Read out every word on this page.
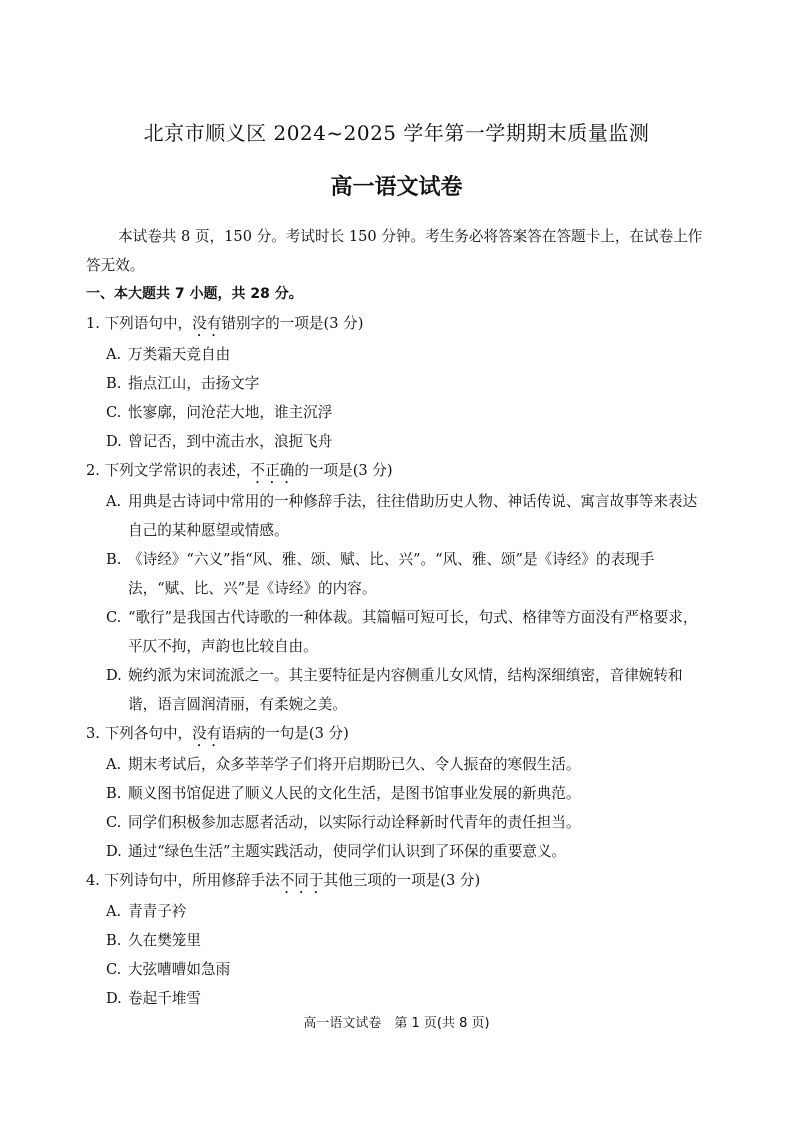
北京市顺义区 2024~2025 学年第一学期期末质量监测
高一语文试卷

本试卷共 8 页，150 分。考试时长 150 分钟。考生务必将答案答在答题卡上，在试卷上作答无效。

一、本大题共 7 小题，共 28 分。

1. 下列语句中，没有错别字的一项是(3 分)

A. 万类霜天竞自由
B. 指点江山，击扬文字
C. 怅寥廓，问沧茫大地，谁主沉浮
D. 曾记否，到中流击水，浪扼飞舟

2. 下列文学常识的表述，不正确的一项是(3 分)

A. 用典是古诗词中常用的一种修辞手法，往往借助历史人物、神话传说、寓言故事等来表达自己的某种愿望或情感。
B. 《诗经》“六义”指“风、雅、颂、赋、比、兴”。“风、雅、颂”是《诗经》的表现手法，“赋、比、兴”是《诗经》的内容。
C. “歌行”是我国古代诗歌的一种体裁。其篇幅可短可长，句式、格律等方面没有严格要求，平仄不拘，声韵也比较自由。
D. 婉约派为宋词流派之一。其主要特征是内容侧重儿女风情，结构深细缜密，音律婉转和谐，语言圆润清丽，有柔婉之美。

3. 下列各句中，没有语病的一句是(3 分)

A. 期末考试后，众多莘莘学子们将开启期盼已久、令人振奋的寒假生活。
B. 顺义图书馆促进了顺义人民的文化生活，是图书馆事业发展的新典范。
C. 同学们积极参加志愿者活动，以实际行动诠释新时代青年的责任担当。
D. 通过“绿色生活”主题实践活动，使同学们认识到了环保的重要意义。

4. 下列诗句中，所用修辞手法不同于其他三项的一项是(3 分)

A. 青青子衿
B. 久在樊笼里
C. 大弦嘈嘈如急雨
D. 卷起千堆雪
高一语文试卷　第 1 页(共 8 页)
